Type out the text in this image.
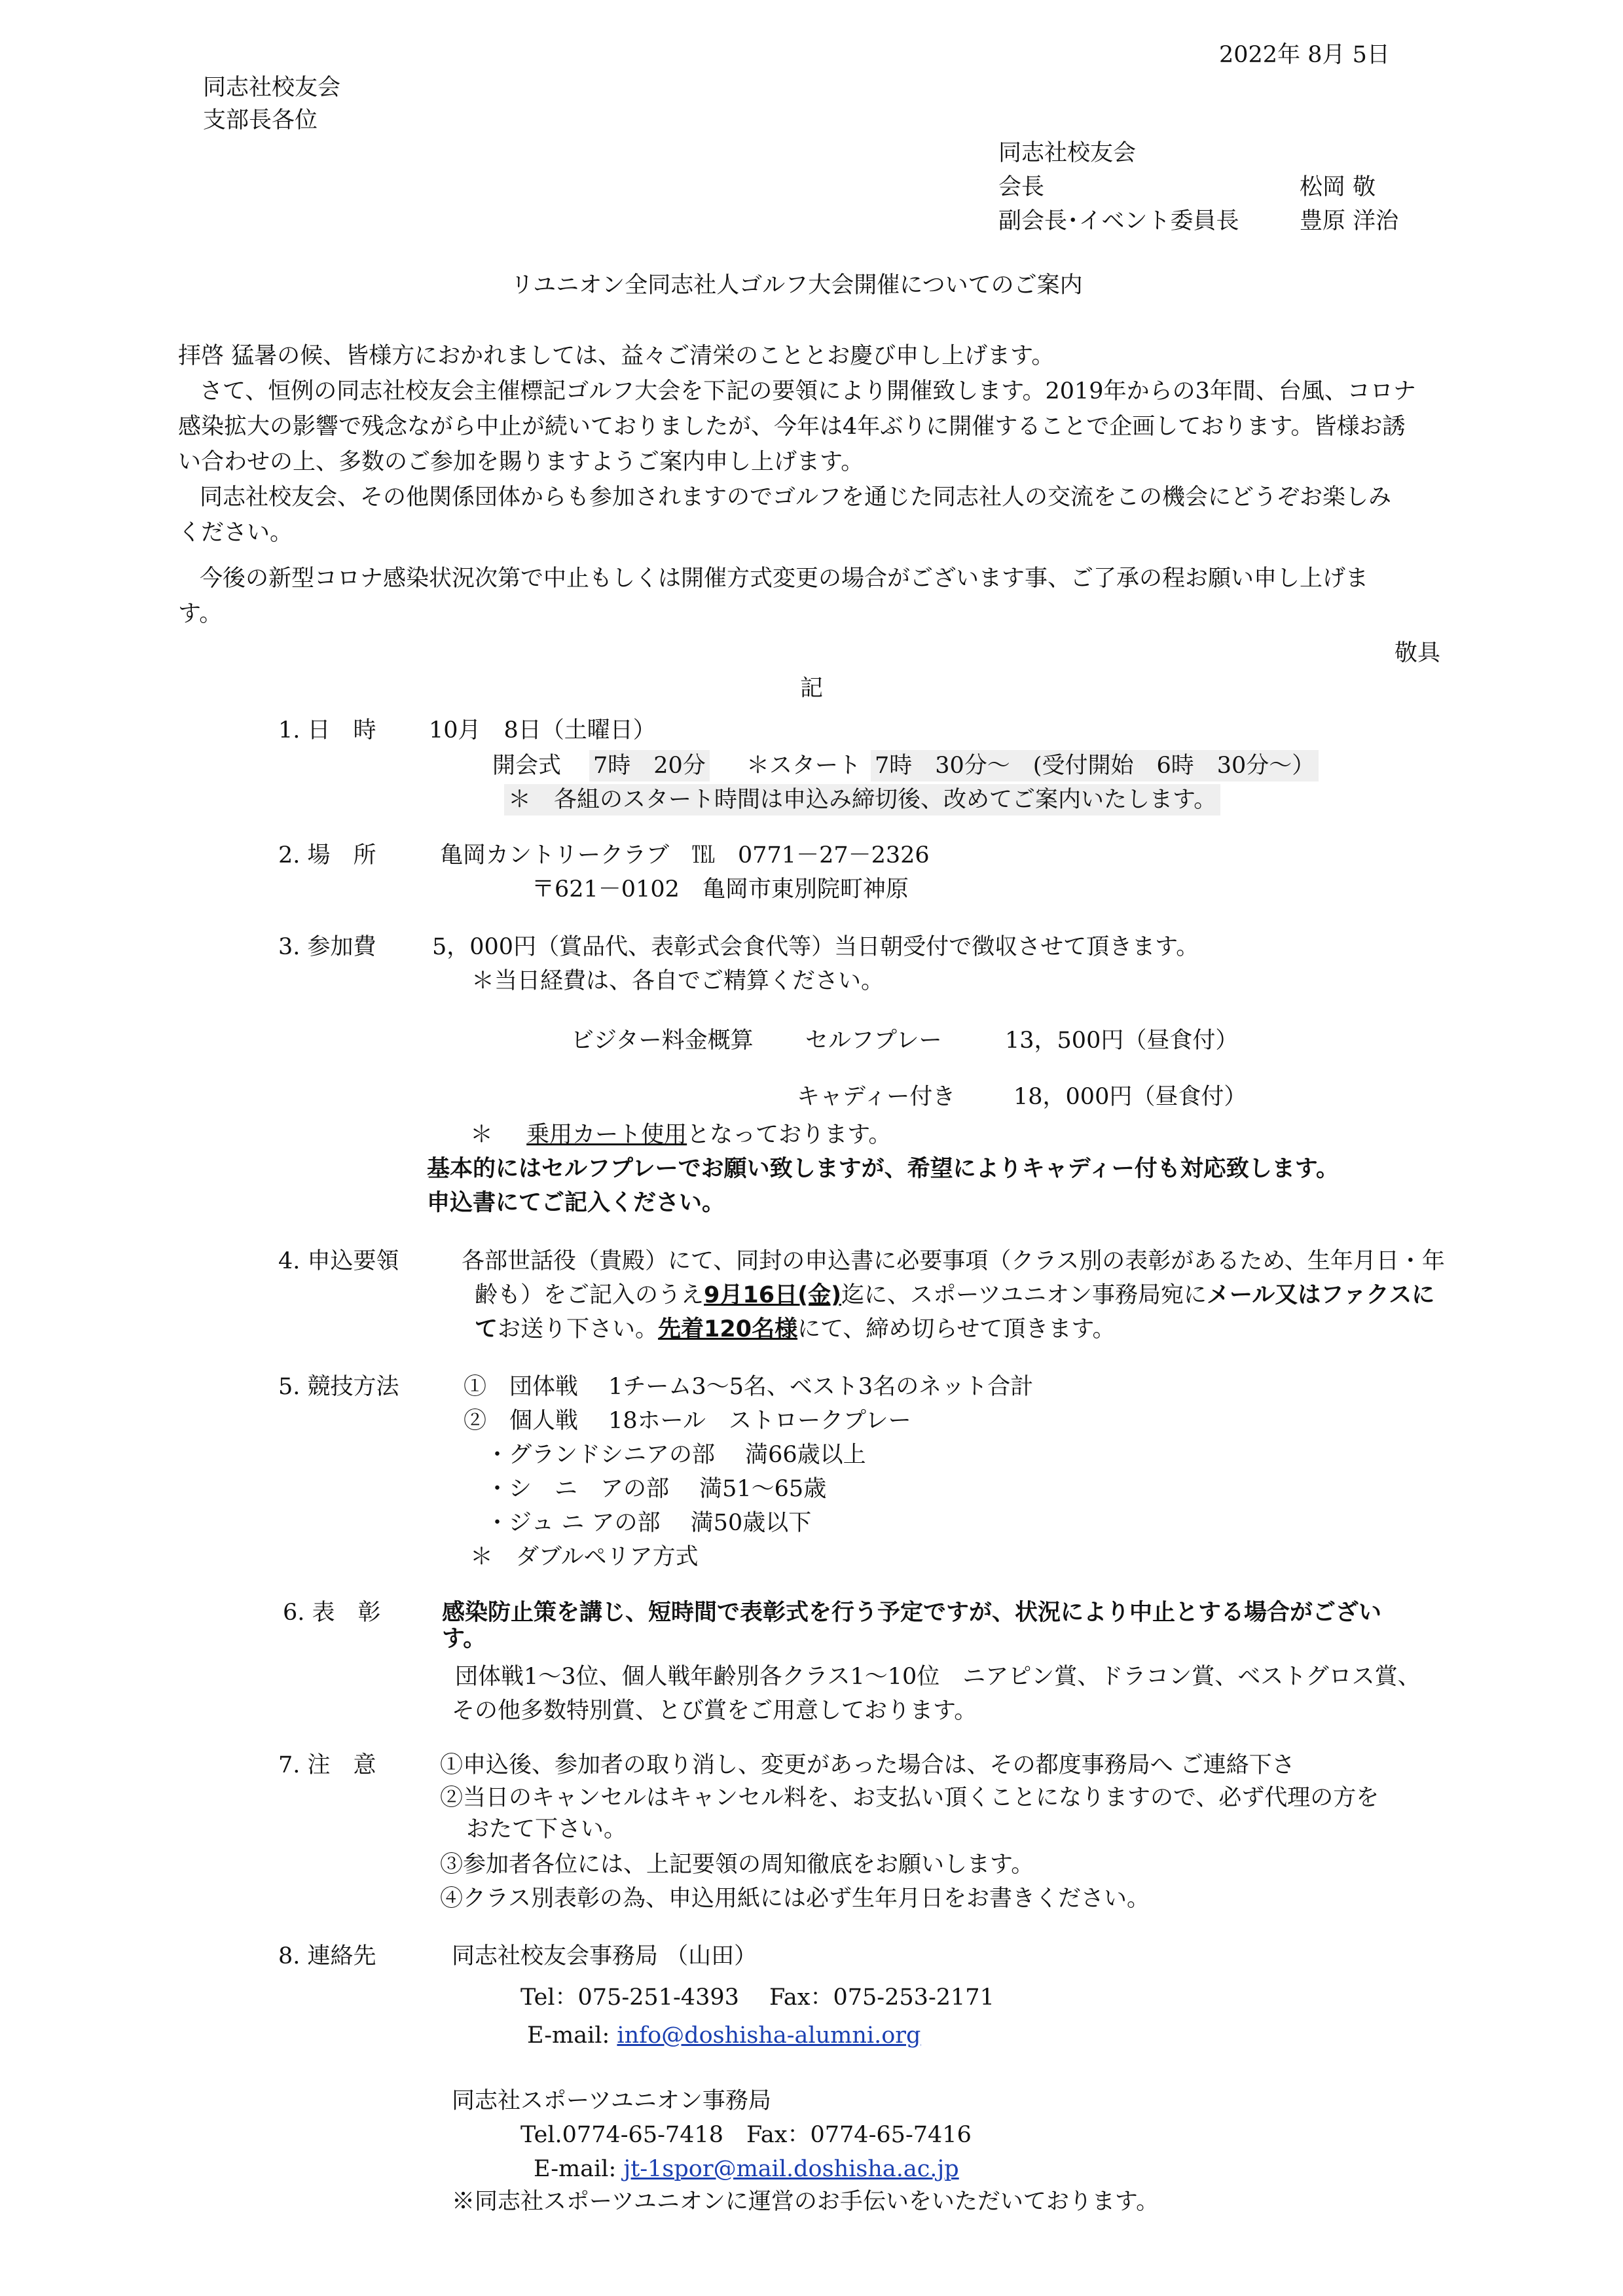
2022年 8月 5日
同志社校友会
支部長各位
同志社校友会
会長	松岡 敬
副会長･イベント委員長	豊原 洋治
リユニオン全同志社人ゴルフ大会開催についてのご案内
拝啓 猛暑の候、皆様方におかれましては、益々ご清栄のこととお慶び申し上げます。
さて、恒例の同志社校友会主催標記ゴルフ大会を下記の要領により開催致します。2019年からの3年間、台風、コロナ
感染拡大の影響で残念ながら中止が続いておりましたが、今年は4年ぶりに開催することで企画しております。皆様お誘
い合わせの上、多数のご参加を賜りますようご案内申し上げます。
同志社校友会、その他関係団体からも参加されますのでゴルフを通じた同志社人の交流をこの機会にどうぞお楽しみ
ください。
今後の新型コロナ感染状況次第で中止もしくは開催方式変更の場合がございます事、ご了承の程お願い申し上げま
す。
敬具
記
1. 日　時 10月　8日（土曜日）
開会式 7時　20分 ＊スタート 7時　30分〜　(受付開始　6時　30分〜）
＊　各組のスタート時間は申込み締切後、改めてご案内いたします。
2. 場　所	亀岡カントリークラブ　℡　0771－27－2326
〒621－0102　亀岡市東別院町神原
3. 参加費 5，000円（賞品代、表彰式会食代等）当日朝受付で徴収させて頂きます。
＊当日経費は、各自でご精算ください。
ビジター料金概算 セルフプレー	13，500円（昼食付）
キャディー付き	18，000円（昼食付）
＊ 乗用カート使用となっております。
基本的にはセルフプレーでお願い致しますが、希望によりキャディー付も対応致します。
申込書にてご記入ください。
4. 申込要領	各部世話役（貴殿）にて、同封の申込書に必要事項（クラス別の表彰があるため、生年月日・年
齢も）をご記入のうえ9月16日(金)迄に、スポーツユニオン事務局宛にメール又はファクスに
てお送り下さい。先着120名様にて、締め切らせて頂きます。
5. 競技方法	①　団体戦　 1チーム3～5名、ベスト3名のネット合計
②　個人戦　 18ホール　ストロークプレー
・グランドシニアの部　 満66歳以上
・シ　ニ　アの部　 満51～65歳
・ジュ ニ アの部　 満50歳以下
＊　ダブルペリア方式
6. 表　彰	感染防止策を講じ、短時間で表彰式を行う予定ですが、状況により中止とする場合がござい
す。
団体戦1～3位、個人戦年齢別各クラス1～10位　ニアピン賞、ドラコン賞、ベストグロス賞、
その他多数特別賞、とび賞をご用意しております。
7. 注　意	①申込後、参加者の取り消し、変更があった場合は、その都度事務局へ ご連絡下さ
②当日のキャンセルはキャンセル料を、お支払い頂くことになりますので、必ず代理の方を
おたて下さい。
③参加者各位には、上記要領の周知徹底をお願いします。
④クラス別表彰の為、申込用紙には必ず生年月日をお書きください。
8. 連絡先	同志社校友会事務局 （山田）
Tel：075-251-4393　 Fax：075-253-2171
E-mail: info@doshisha-alumni.org
同志社スポーツユニオン事務局
Tel.0774-65-7418　Fax：0774-65-7416
E-mail: jt-1spor@mail.doshisha.ac.jp
※同志社スポーツユニオンに運営のお手伝いをいただいております。
